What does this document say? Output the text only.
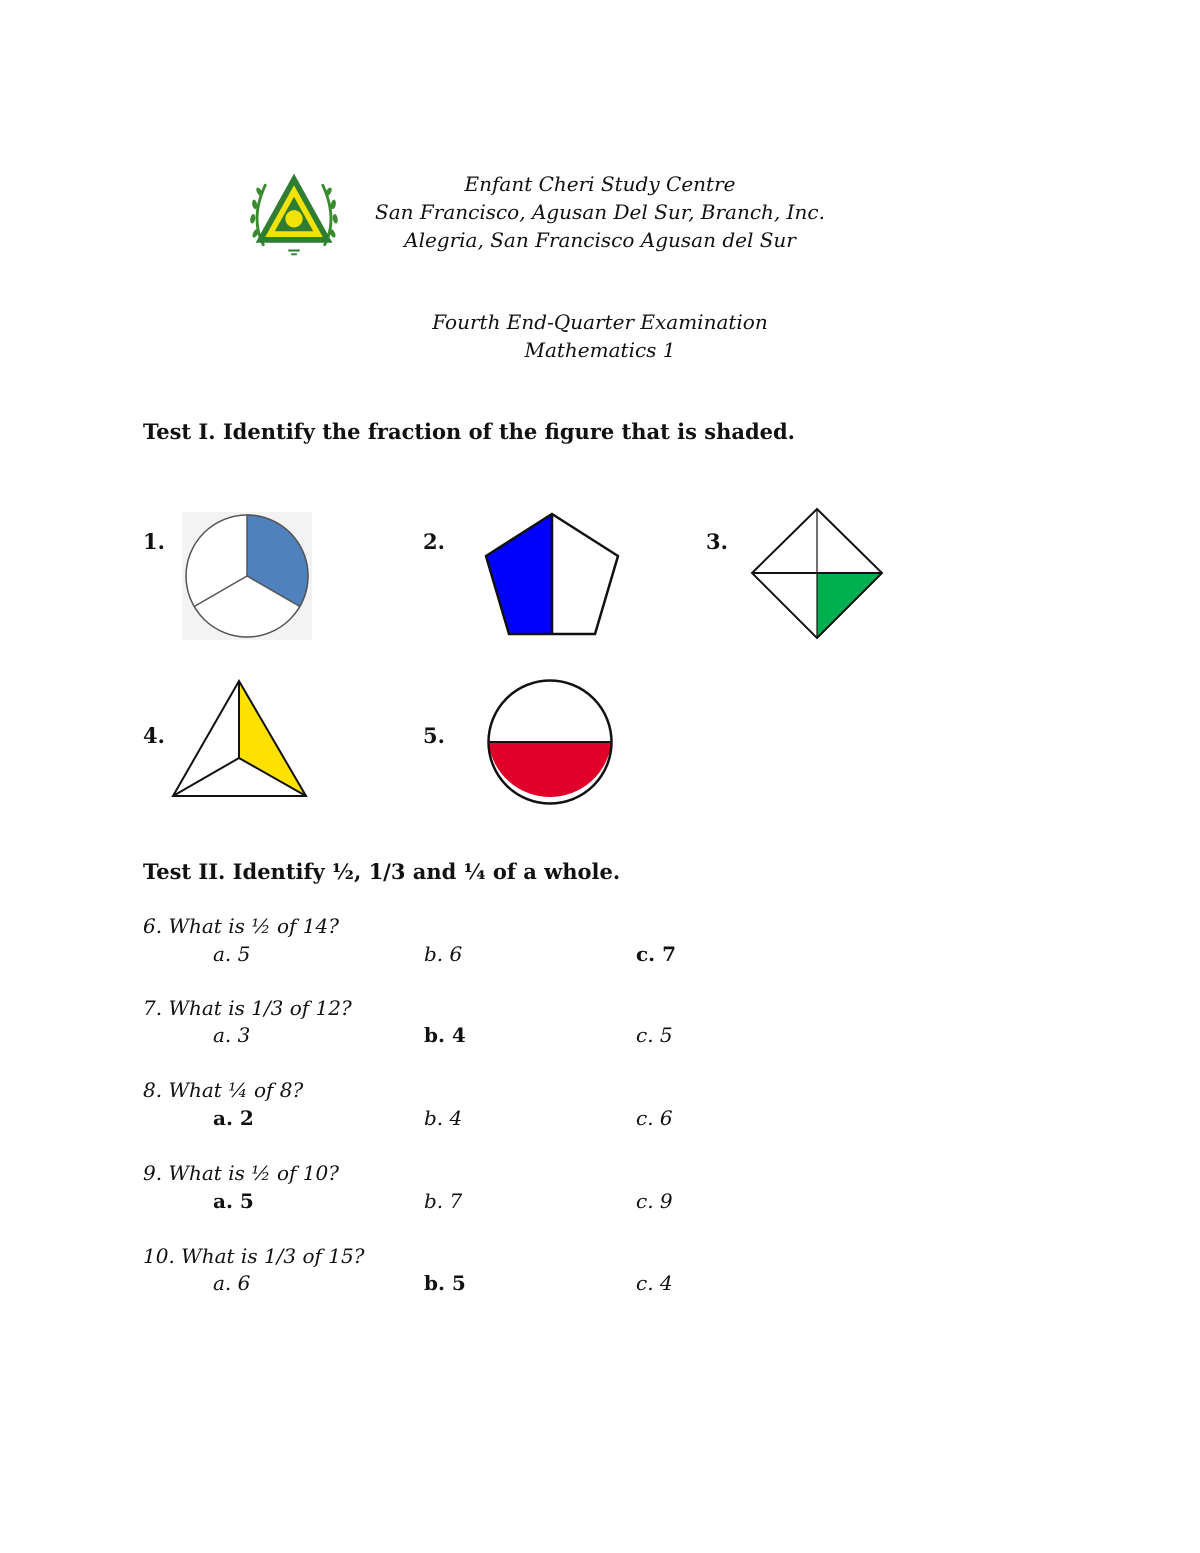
Enfant Cheri Study Centre
San Francisco, Agusan Del Sur, Branch, Inc.
Alegria, San Francisco Agusan del Sur
Fourth End-Quarter Examination
Mathematics 1
Test I. Identify the fraction of the figure that is shaded.
1.	2.	3.
4.	5.
Test II. Identify ½, 1/3 and ¼ of a whole.
6. What is ½ of 14?
a. 5	b. 6	c. 7
7. What is 1/3 of 12?
a. 3	b. 4	c. 5
8. What ¼ of 8?
a. 2	b. 4	c. 6
9. What is ½ of 10?
a. 5	b. 7	c. 9
10. What is 1/3 of 15?
a. 6	b. 5	c. 4
